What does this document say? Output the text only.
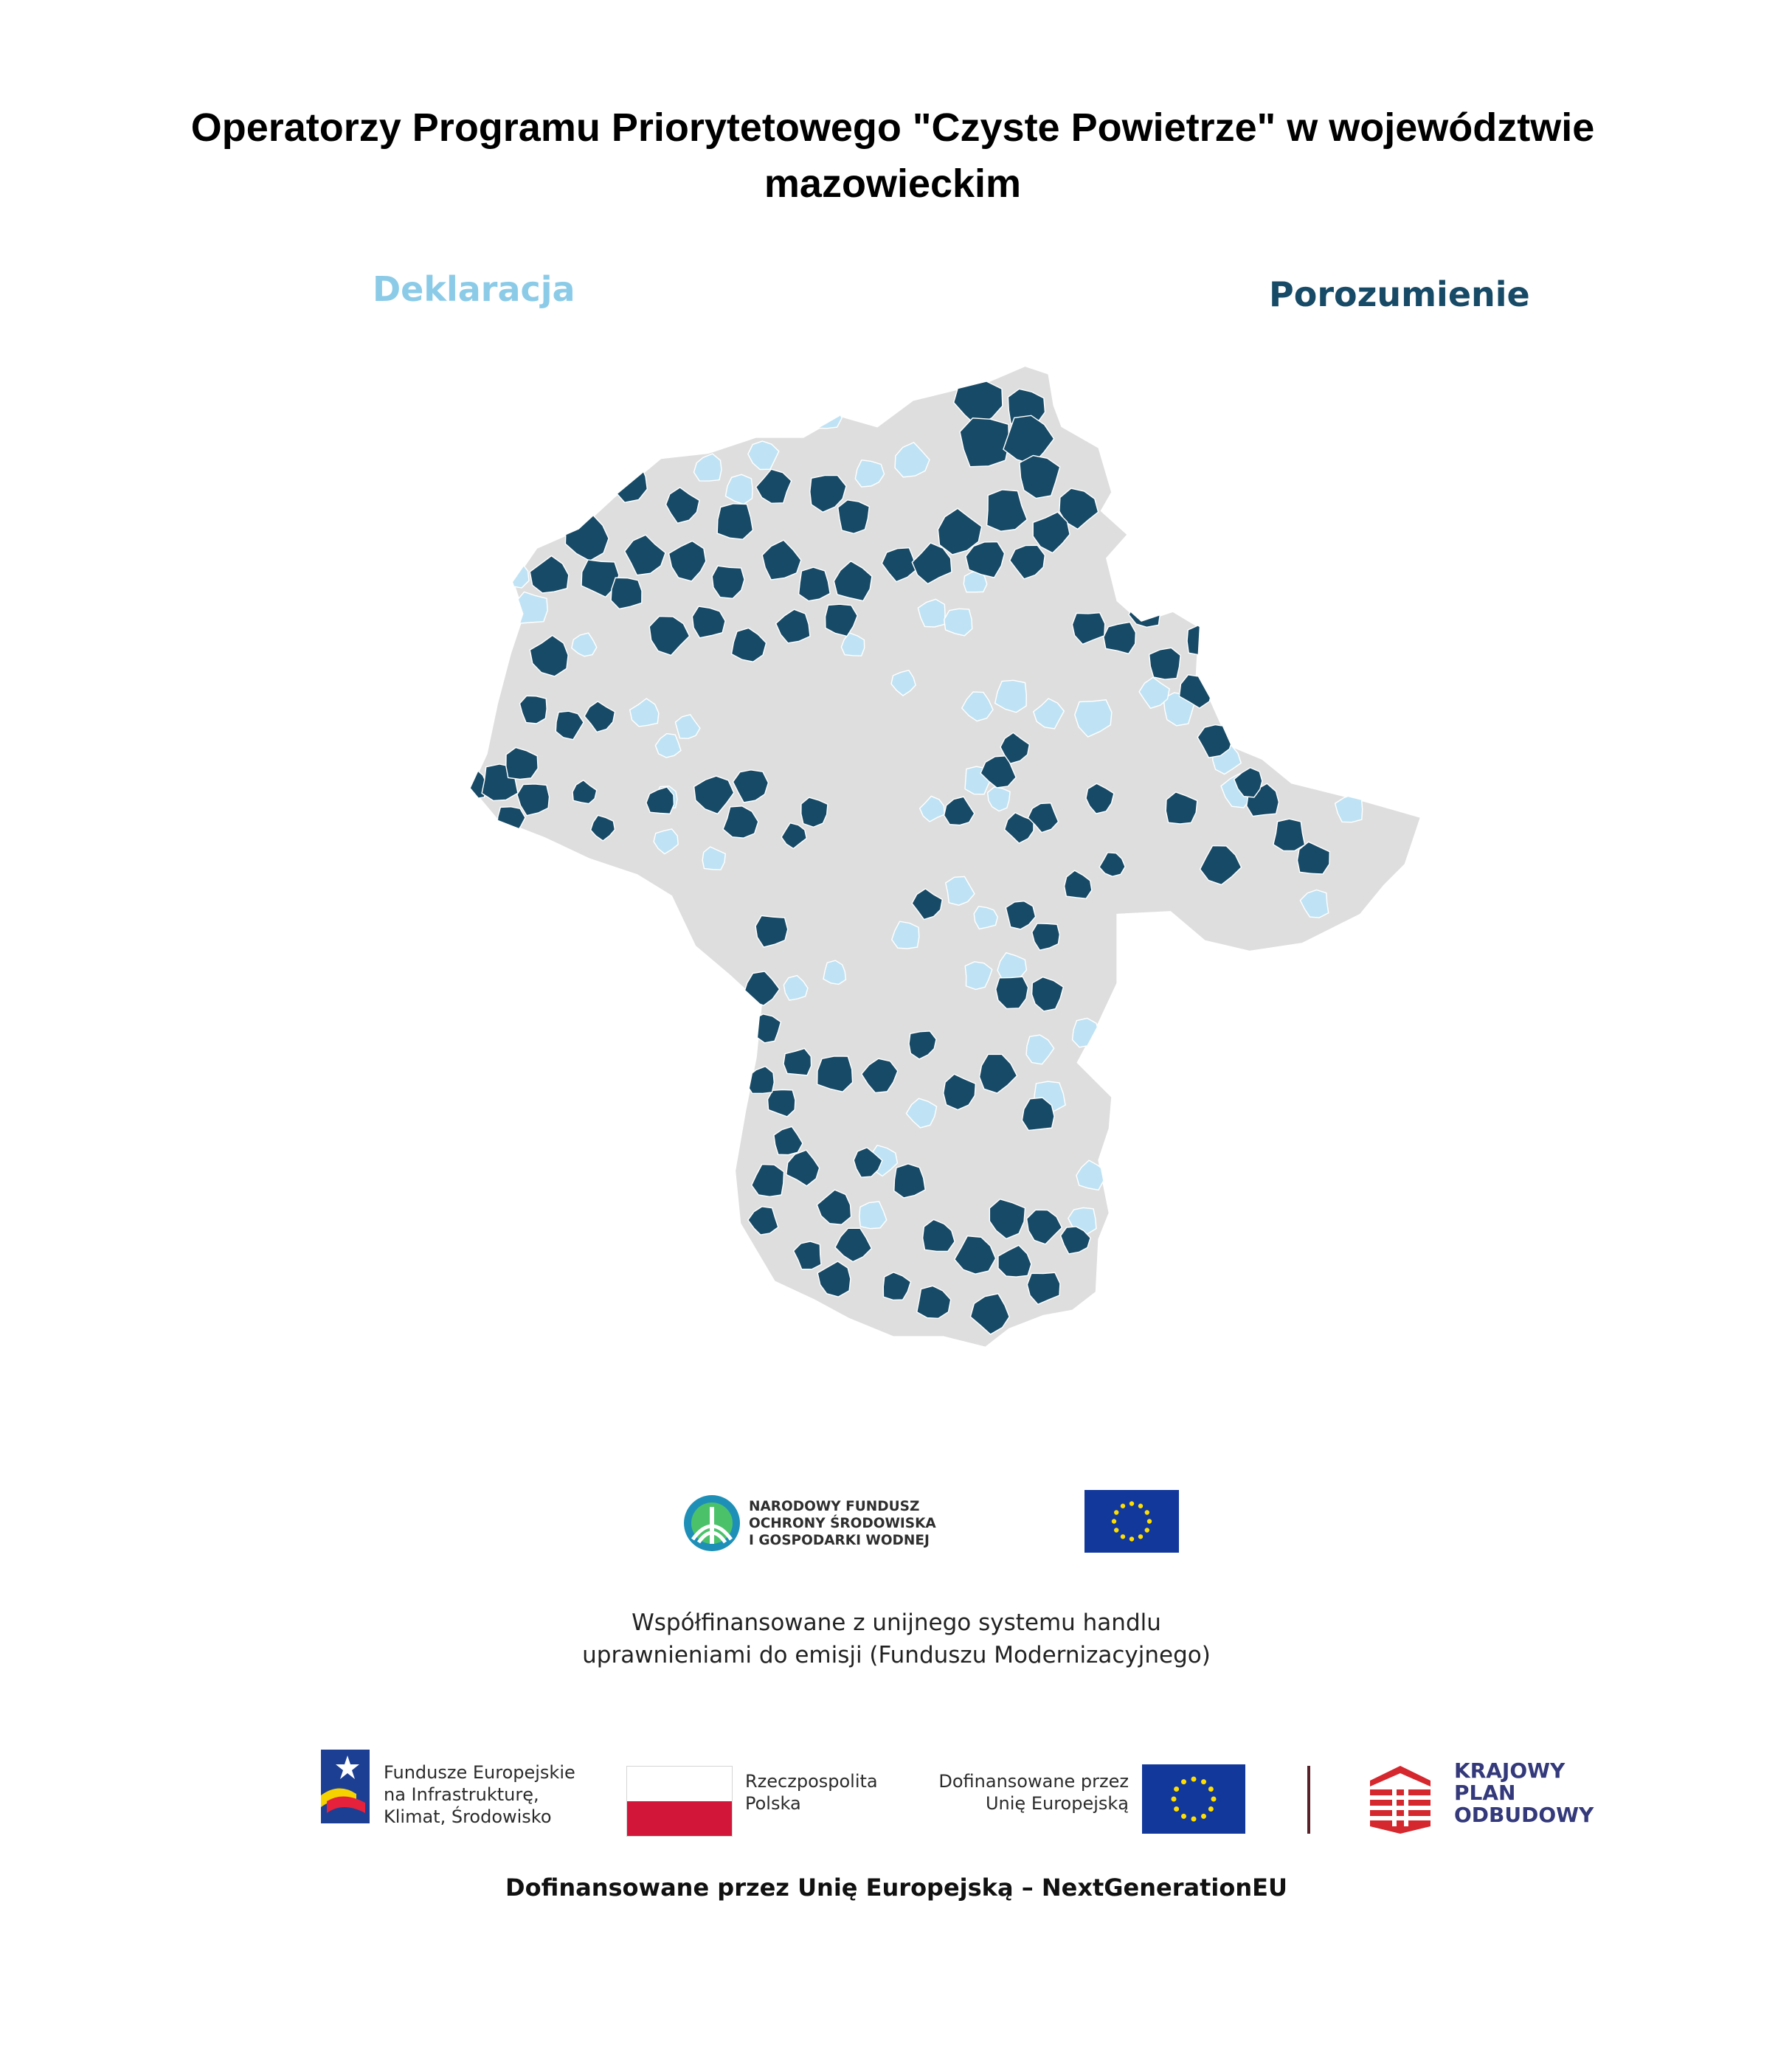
Operatorzy Programu Priorytetowego "Czyste Powietrze" w województwie mazowieckim
Deklaracja	Porozumienie
NARODOWY FUNDUSZ
OCHRONY ŚRODOWISKA
I GOSPODARKI WODNEJ
Współfinansowane z unijnego systemu handlu
uprawnieniami do emisji (Funduszu Modernizacyjnego)
Fundusze Europejskie
na Infrastrukturę,
Klimat, Środowisko
Rzeczpospolita
Polska
Dofinansowane przez
Unię Europejską
KRAJOWY
PLAN
ODBUDOWY
Dofinansowane przez Unię Europejską – NextGenerationEU
